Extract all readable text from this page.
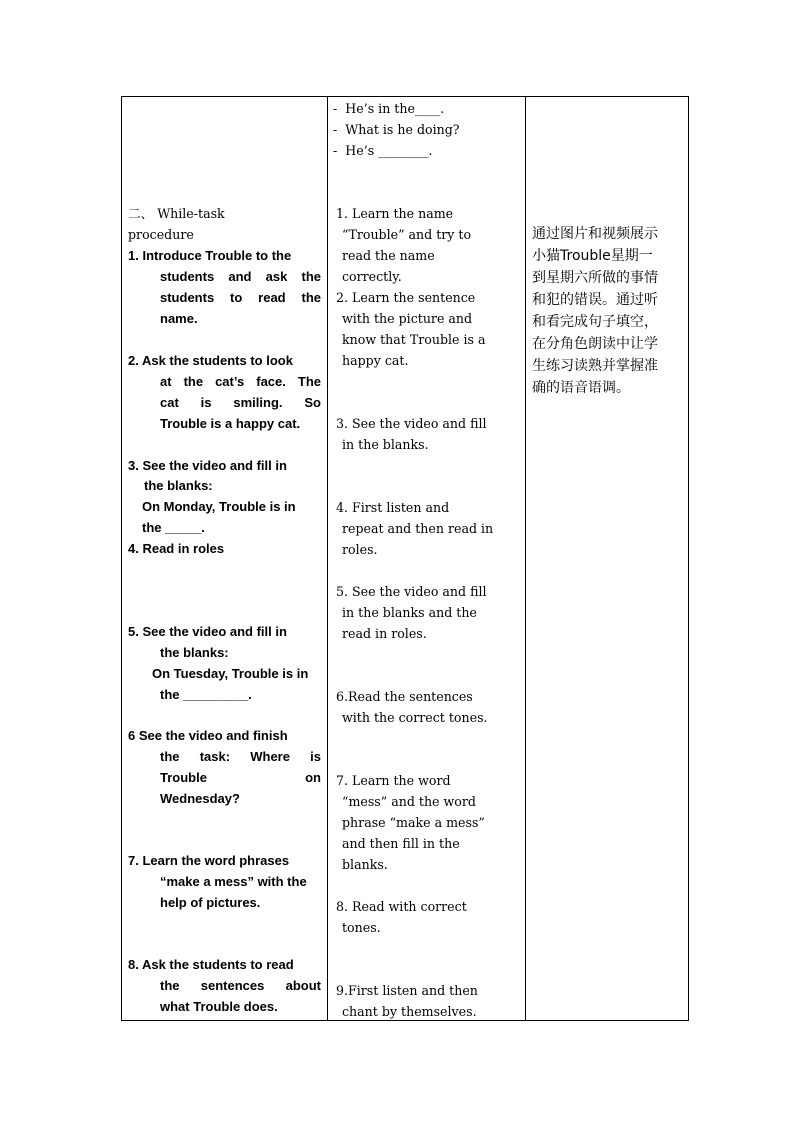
二、 While-task
procedure
1. Introduce Trouble to the
students and ask the
students to read the
name.
2. Ask the students to look
at the cat’s face. The
cat is smiling. So
Trouble is a happy cat.
3. See the video and fill in
the blanks:
On Monday, Trouble is in
the _____.
4. Read in roles
5. See the video and fill in
the blanks:
On Tuesday, Trouble is in
the _________.
6 See the video and finish
the task: Where is
Trouble on
Wednesday?
7. Learn the word phrases
“make a mess” with the
help of pictures.
8. Ask the students to read
the sentences about
what Trouble does.
-  He’s in the____.
-  What is he doing?
-  He’s ________.
1. Learn the name
“Trouble” and try to
read the name
correctly.
2. Learn the sentence
with the picture and
know that Trouble is a
happy cat.
3. See the video and fill
in the blanks.
4. First listen and
repeat and then read in
roles.
5. See the video and fill
in the blanks and the
read in roles.
6.Read the sentences
with the correct tones.
7. Learn the word
“mess” and the word
phrase “make a mess”
and then fill in the
blanks.
8. Read with correct
tones.
9.First listen and then
chant by themselves.
通过图片和视频展示
小猫Trouble星期一
到星期六所做的事情
和犯的错误。通过听
和看完成句子填空，
在分角色朗读中让学
生练习读熟并掌握准
确的语音语调。
